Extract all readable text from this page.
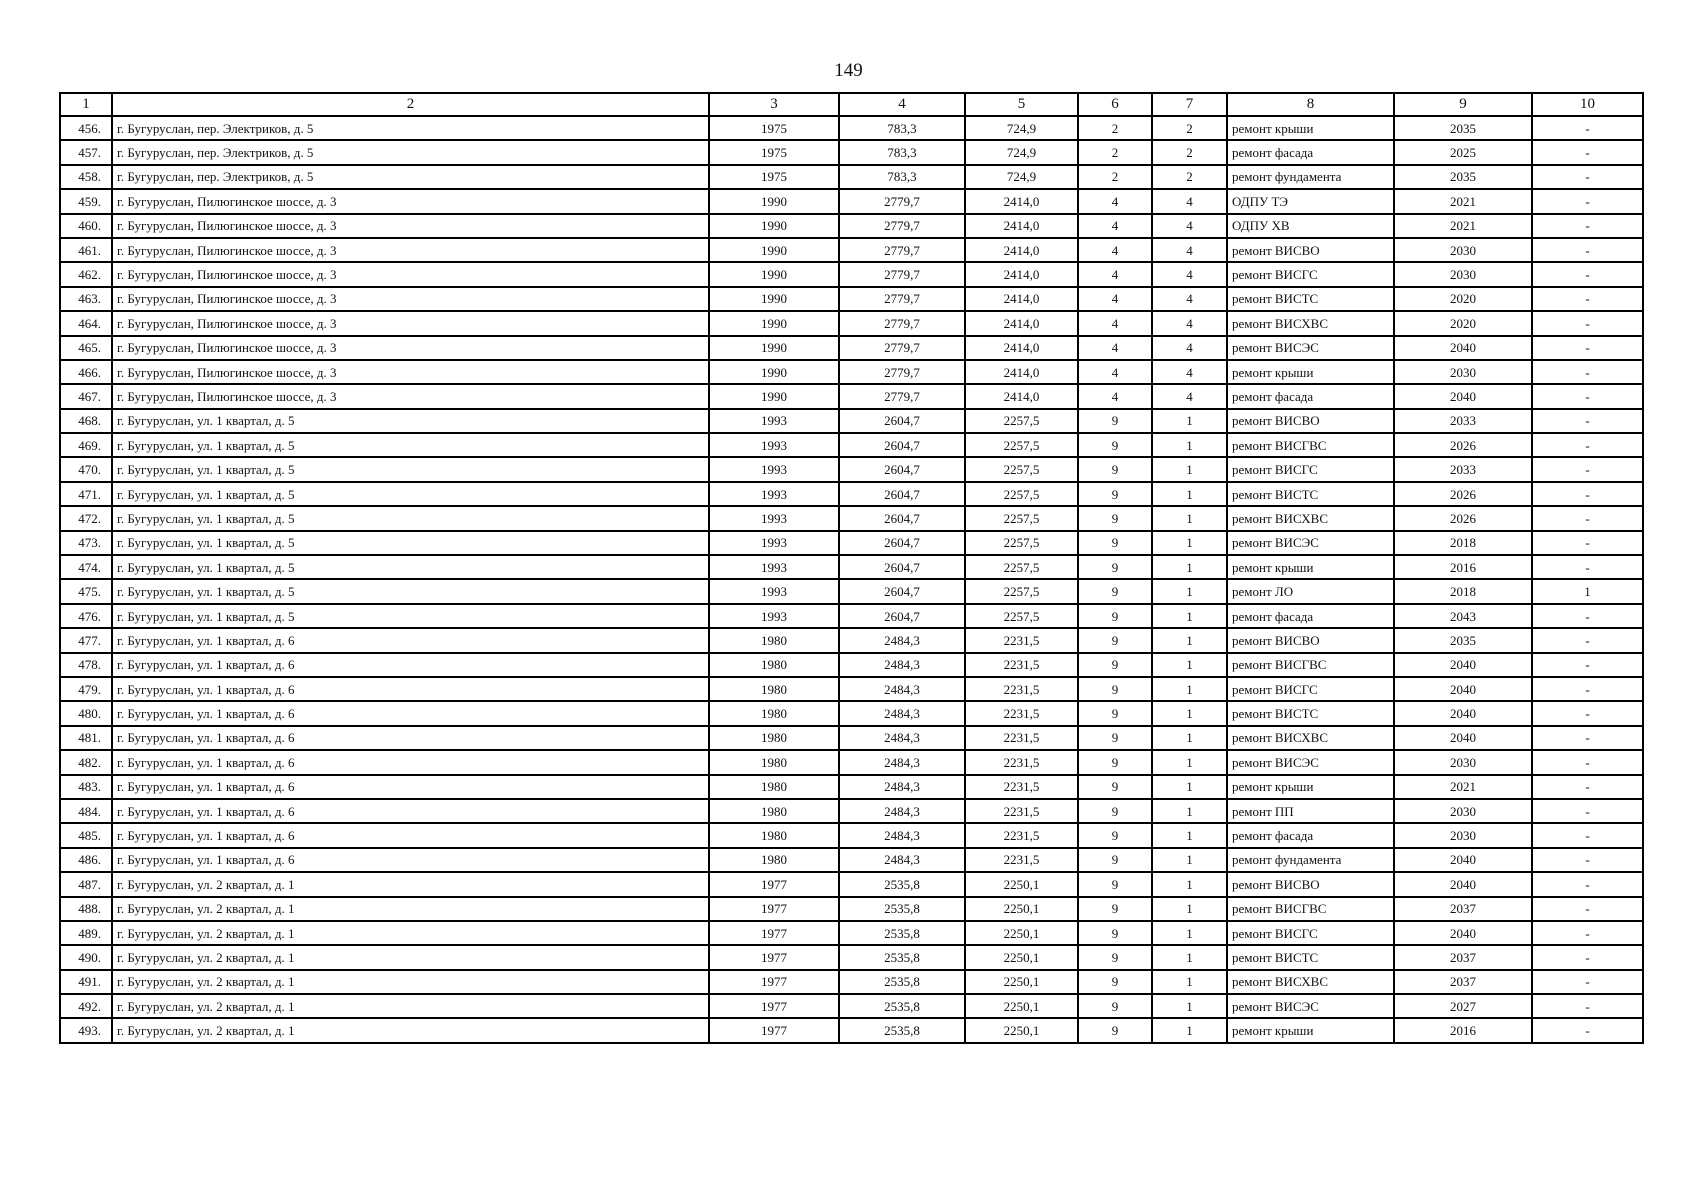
149
1	2	3	4	5	6	7	8	9	10
456.	г. Бугуруслан, пер. Электриков, д. 5	1975	783,3	724,9	2	2	ремонт крыши	2035	-
457.	г. Бугуруслан, пер. Электриков, д. 5	1975	783,3	724,9	2	2	ремонт фасада	2025	-
458.	г. Бугуруслан, пер. Электриков, д. 5	1975	783,3	724,9	2	2	ремонт фундамента	2035	-
459.	г. Бугуруслан, Пилюгинское шоссе, д. 3	1990	2779,7	2414,0	4	4	ОДПУ ТЭ	2021	-
460.	г. Бугуруслан, Пилюгинское шоссе, д. 3	1990	2779,7	2414,0	4	4	ОДПУ ХВ	2021	-
461.	г. Бугуруслан, Пилюгинское шоссе, д. 3	1990	2779,7	2414,0	4	4	ремонт ВИСВО	2030	-
462.	г. Бугуруслан, Пилюгинское шоссе, д. 3	1990	2779,7	2414,0	4	4	ремонт ВИСГС	2030	-
463.	г. Бугуруслан, Пилюгинское шоссе, д. 3	1990	2779,7	2414,0	4	4	ремонт ВИСТС	2020	-
464.	г. Бугуруслан, Пилюгинское шоссе, д. 3	1990	2779,7	2414,0	4	4	ремонт ВИСХВС	2020	-
465.	г. Бугуруслан, Пилюгинское шоссе, д. 3	1990	2779,7	2414,0	4	4	ремонт ВИСЭС	2040	-
466.	г. Бугуруслан, Пилюгинское шоссе, д. 3	1990	2779,7	2414,0	4	4	ремонт крыши	2030	-
467.	г. Бугуруслан, Пилюгинское шоссе, д. 3	1990	2779,7	2414,0	4	4	ремонт фасада	2040	-
468.	г. Бугуруслан, ул. 1 квартал, д. 5	1993	2604,7	2257,5	9	1	ремонт ВИСВО	2033	-
469.	г. Бугуруслан, ул. 1 квартал, д. 5	1993	2604,7	2257,5	9	1	ремонт ВИСГВС	2026	-
470.	г. Бугуруслан, ул. 1 квартал, д. 5	1993	2604,7	2257,5	9	1	ремонт ВИСГС	2033	-
471.	г. Бугуруслан, ул. 1 квартал, д. 5	1993	2604,7	2257,5	9	1	ремонт ВИСТС	2026	-
472.	г. Бугуруслан, ул. 1 квартал, д. 5	1993	2604,7	2257,5	9	1	ремонт ВИСХВС	2026	-
473.	г. Бугуруслан, ул. 1 квартал, д. 5	1993	2604,7	2257,5	9	1	ремонт ВИСЭС	2018	-
474.	г. Бугуруслан, ул. 1 квартал, д. 5	1993	2604,7	2257,5	9	1	ремонт крыши	2016	-
475.	г. Бугуруслан, ул. 1 квартал, д. 5	1993	2604,7	2257,5	9	1	ремонт ЛО	2018	1
476.	г. Бугуруслан, ул. 1 квартал, д. 5	1993	2604,7	2257,5	9	1	ремонт фасада	2043	-
477.	г. Бугуруслан, ул. 1 квартал, д. 6	1980	2484,3	2231,5	9	1	ремонт ВИСВО	2035	-
478.	г. Бугуруслан, ул. 1 квартал, д. 6	1980	2484,3	2231,5	9	1	ремонт ВИСГВС	2040	-
479.	г. Бугуруслан, ул. 1 квартал, д. 6	1980	2484,3	2231,5	9	1	ремонт ВИСГС	2040	-
480.	г. Бугуруслан, ул. 1 квартал, д. 6	1980	2484,3	2231,5	9	1	ремонт ВИСТС	2040	-
481.	г. Бугуруслан, ул. 1 квартал, д. 6	1980	2484,3	2231,5	9	1	ремонт ВИСХВС	2040	-
482.	г. Бугуруслан, ул. 1 квартал, д. 6	1980	2484,3	2231,5	9	1	ремонт ВИСЭС	2030	-
483.	г. Бугуруслан, ул. 1 квартал, д. 6	1980	2484,3	2231,5	9	1	ремонт крыши	2021	-
484.	г. Бугуруслан, ул. 1 квартал, д. 6	1980	2484,3	2231,5	9	1	ремонт ПП	2030	-
485.	г. Бугуруслан, ул. 1 квартал, д. 6	1980	2484,3	2231,5	9	1	ремонт фасада	2030	-
486.	г. Бугуруслан, ул. 1 квартал, д. 6	1980	2484,3	2231,5	9	1	ремонт фундамента	2040	-
487.	г. Бугуруслан, ул. 2 квартал, д. 1	1977	2535,8	2250,1	9	1	ремонт ВИСВО	2040	-
488.	г. Бугуруслан, ул. 2 квартал, д. 1	1977	2535,8	2250,1	9	1	ремонт ВИСГВС	2037	-
489.	г. Бугуруслан, ул. 2 квартал, д. 1	1977	2535,8	2250,1	9	1	ремонт ВИСГС	2040	-
490.	г. Бугуруслан, ул. 2 квартал, д. 1	1977	2535,8	2250,1	9	1	ремонт ВИСТС	2037	-
491.	г. Бугуруслан, ул. 2 квартал, д. 1	1977	2535,8	2250,1	9	1	ремонт ВИСХВС	2037	-
492.	г. Бугуруслан, ул. 2 квартал, д. 1	1977	2535,8	2250,1	9	1	ремонт ВИСЭС	2027	-
493.	г. Бугуруслан, ул. 2 квартал, д. 1	1977	2535,8	2250,1	9	1	ремонт крыши	2016	-
